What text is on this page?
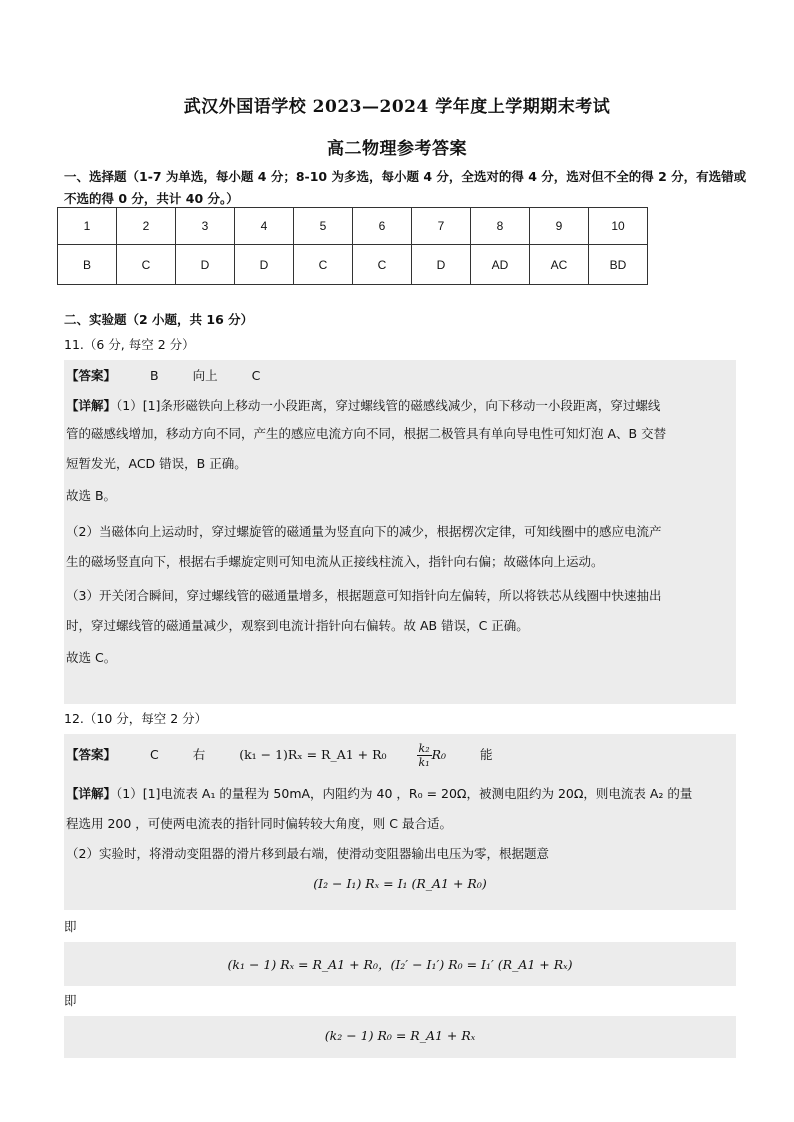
武汉外国语学校 2023—2024 学年度上学期期末考试
高二物理参考答案
一、选择题（1-7 为单选，每小题 4 分；8-10 为多选，每小题 4 分，全选对的得 4 分，选对但不全的得 2 分，有选错或不选的得 0 分，共计 40 分。）
1	2	3	4	5	6	7	8	9	10
B	C	D	D	C	C	D	AD	AC	BD
二、实验题（2 小题，共 16 分）
11.（6 分, 每空 2 分）
【答案】	B	向上	C
【详解】（1）[1]条形磁铁向上移动一小段距离，穿过螺线管的磁感线减少，向下移动一小段距离，穿过螺线
管的磁感线增加，移动方向不同，产生的感应电流方向不同，根据二极管具有单向导电性可知灯泡 A、B 交替
短暂发光，ACD 错误，B 正确。
故选 B。
（2）当磁体向上运动时，穿过螺旋管的磁通量为竖直向下的减少，根据楞次定律，可知线圈中的感应电流产
生的磁场竖直向下，根据右手螺旋定则可知电流从正接线柱流入，指针向右偏；故磁体向上运动。
（3）开关闭合瞬间，穿过螺线管的磁通量增多，根据题意可知指针向左偏转，所以将铁芯从线圈中快速抽出
时，穿过螺线管的磁通量减少，观察到电流计指针向右偏转。故 AB 错误，C 正确。
故选 C。
12.（10 分，每空 2 分）
【答案】	C	右	(k₁ − 1)Rₓ = R_A1 + R₀	$\frac{\text{k₂}}{\text{k₁}} R_0$	能
【详解】（1）[1]电流表 A₁ 的量程为 50mA，内阻约为 40 ，R₀ = 20Ω，被测电阻约为 20Ω，则电流表 A₂ 的量
程选用 200 ，可使两电流表的指针同时偏转较大角度，则 C 最合适。
（2）实验时，将滑动变阻器的滑片移到最右端，使滑动变阻器输出电压为零，根据题意
(I₂ − I₁) Rₓ = I₁ (R_A1 + R₀)
即
(k₁ − 1) Rₓ = R_A1 + R₀，(I₂′ − I₁′) R₀ = I₁′ (R_A1 + Rₓ)
即
(k₂ − 1) R₀ = R_A1 + Rₓ
